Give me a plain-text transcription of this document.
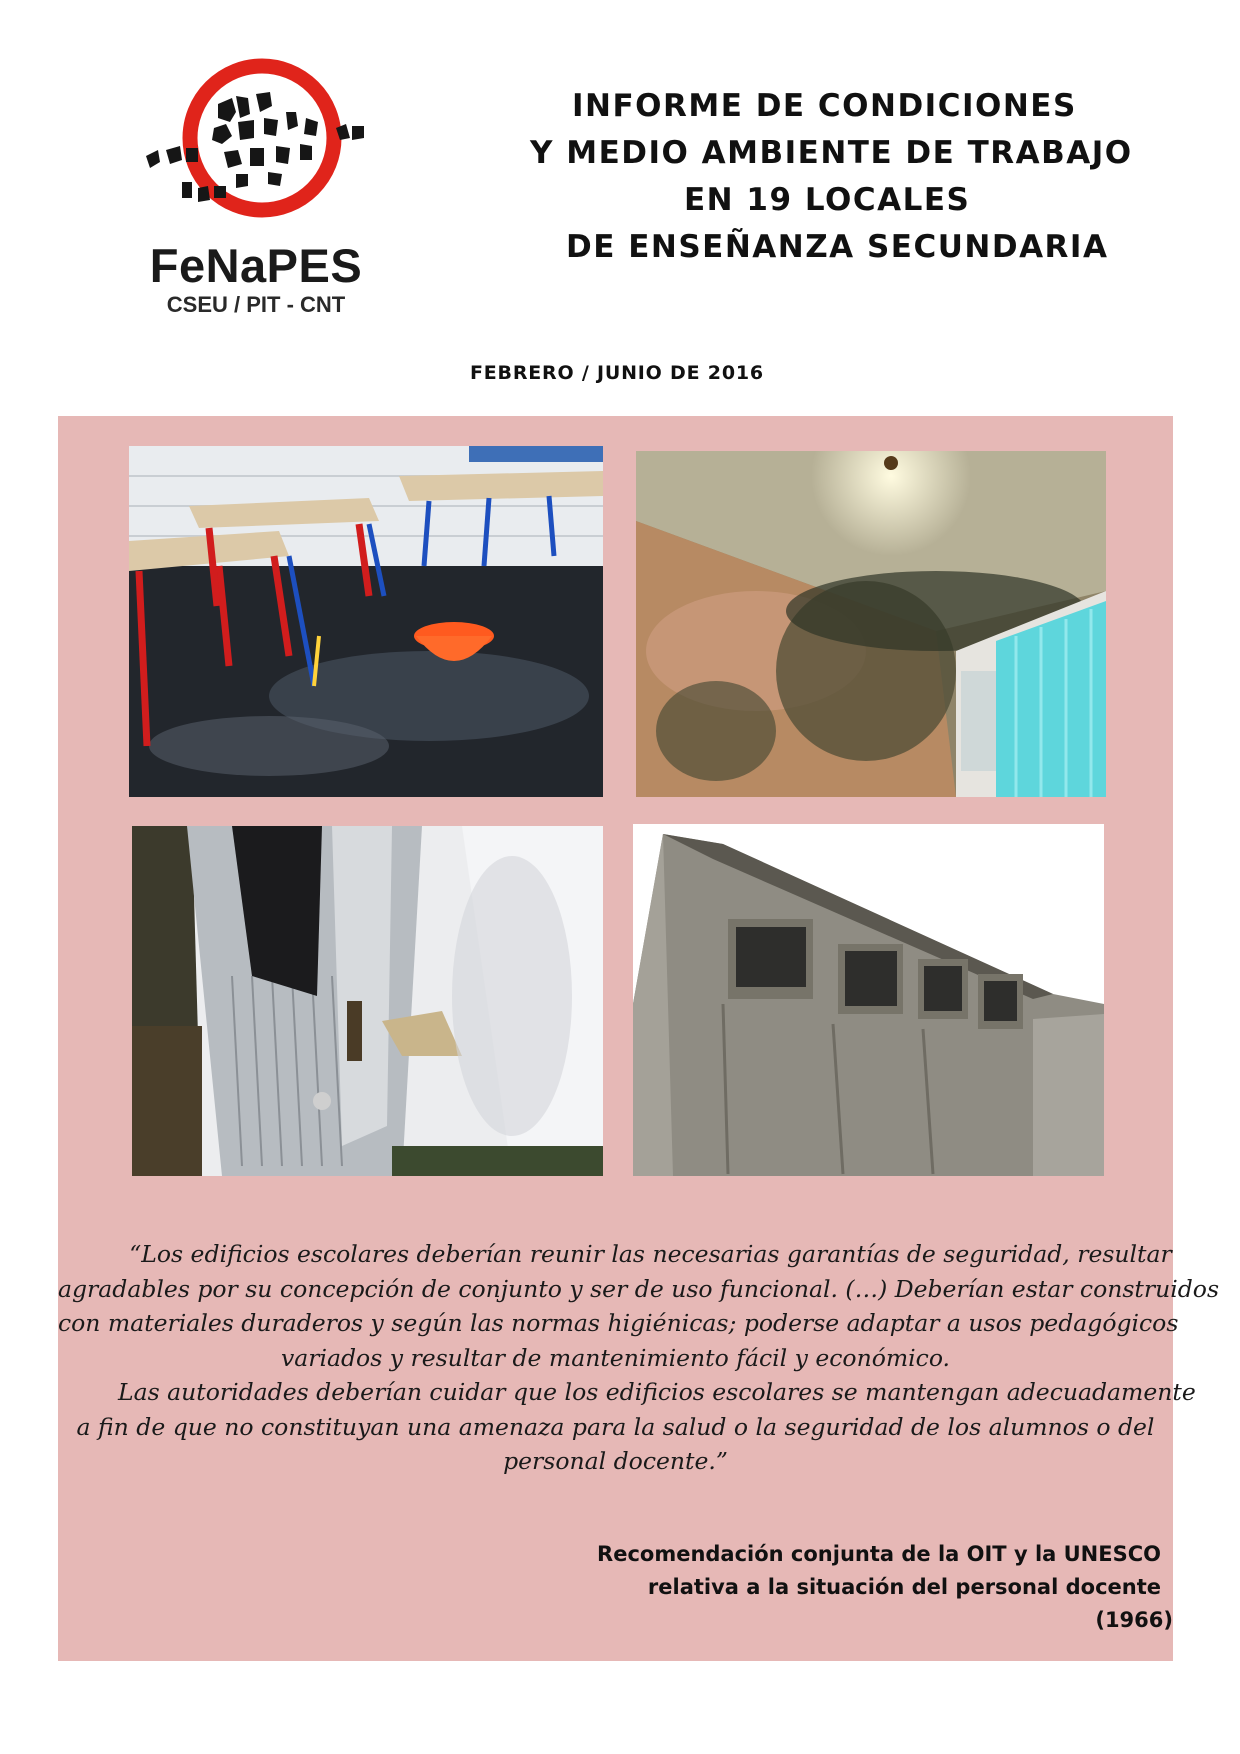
FeNaPES
CSEU / PIT - CNT
INFORME DE CONDICIONES
Y MEDIO AMBIENTE DE TRABAJO
EN 19 LOCALES
DE ENSEÑANZA SECUNDARIA
FEBRERO / JUNIO DE 2016
“Los edificios escolares deberían reunir las necesarias garantías de seguridad, resultar
agradables por su concepción de conjunto y ser de uso funcional. (…) Deberían estar construidos
con materiales duraderos y según las normas higiénicas; poderse adaptar a usos pedagógicos
variados y resultar de mantenimiento fácil y económico.
Las autoridades deberían cuidar que los edificios escolares se mantengan adecuadamente
a fin de que no constituyan una amenaza para la salud o la seguridad de los alumnos o del
personal docente.”
Recomendación conjunta de la OIT y la UNESCO
relativa a la situación del personal docente
(1966)
